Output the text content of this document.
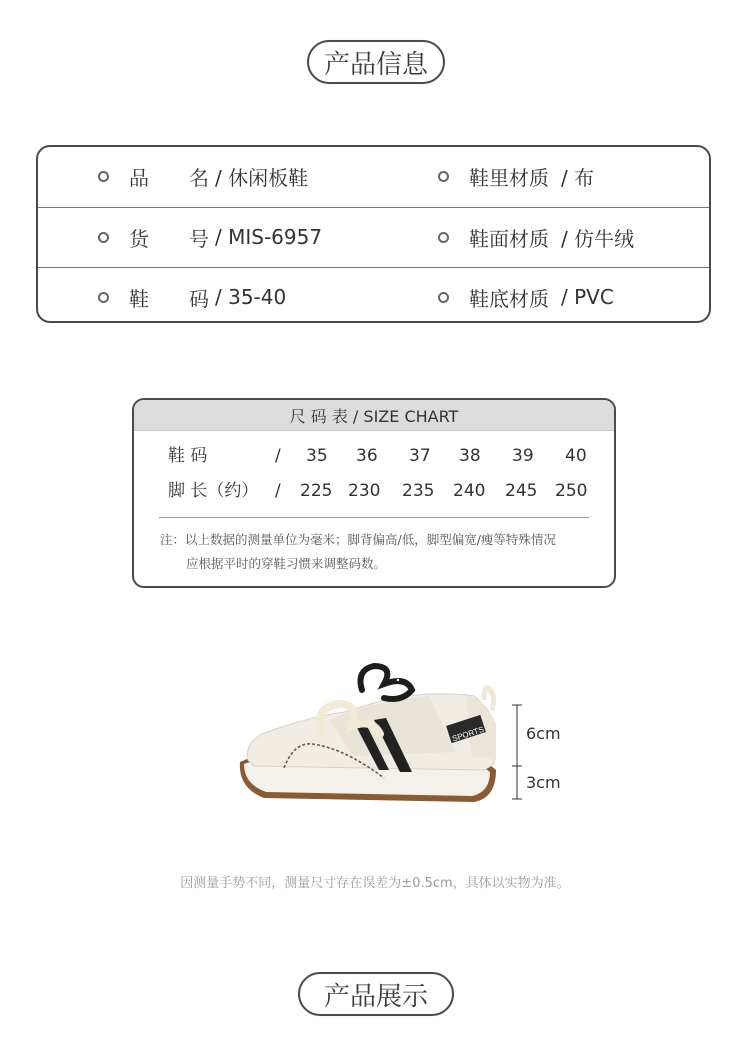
产品信息
品　　名 / 休闲板鞋	鞋里材质 / 布
货　　号 / MIS-6957	鞋面材质 / 仿牛绒
鞋　　码 / 35-40	鞋底材质 / PVC
尺 码 表 / SIZE CHART
鞋 码	/ 35 36 37 38 39 40
脚 长（约） / 225 230 235 240 245 250
注：以上数据的测量单位为毫米；脚背偏高/低，脚型偏宽/瘦等特殊情况
应根据平时的穿鞋习惯来调整码数。
SPORTS	6cm
3cm
因测量手势不同，测量尺寸存在误差为±0.5cm，具体以实物为准。
产品展示
